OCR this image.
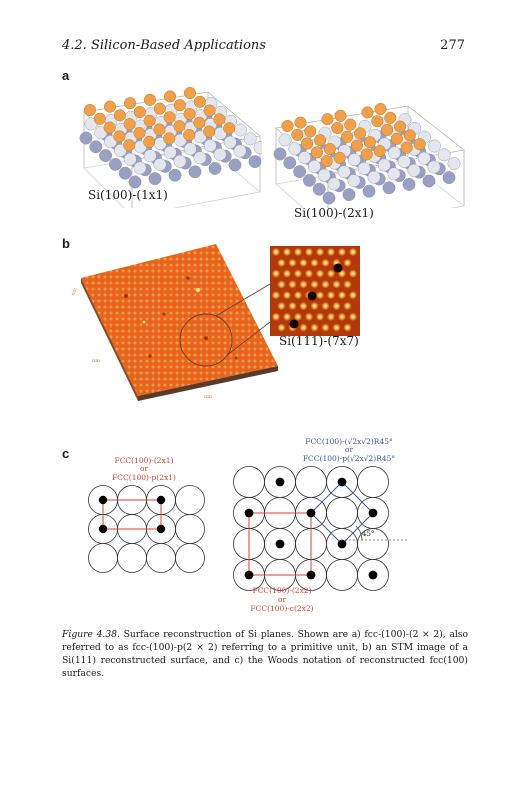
4.2. Silicon-Based Applications	277
a
Si(100)-(1x1)
Si(100)-(2x1)
b
nm
nm
nm
Si(111)-(7x7)
c	FCC(100)-(2x1)
or
FCC(100)-p(2x1)
FCC(100)-(√2x√2)R45°
or
FCC(100)-p(√2x√2)R45°
45°
FCC(100)-(2x2)
or
FCC(100)-c(2x2)
Figure 4.38. Surface reconstruction of Si planes. Shown are a) fcc-(100)-(2 × 2), also referred to as fcc-(100)-p(2 × 2) referring to a primitive unit, b) an STM image of a Si(111) reconstructed surface, and c) the Woods notation of reconstructed fcc(100) surfaces.
